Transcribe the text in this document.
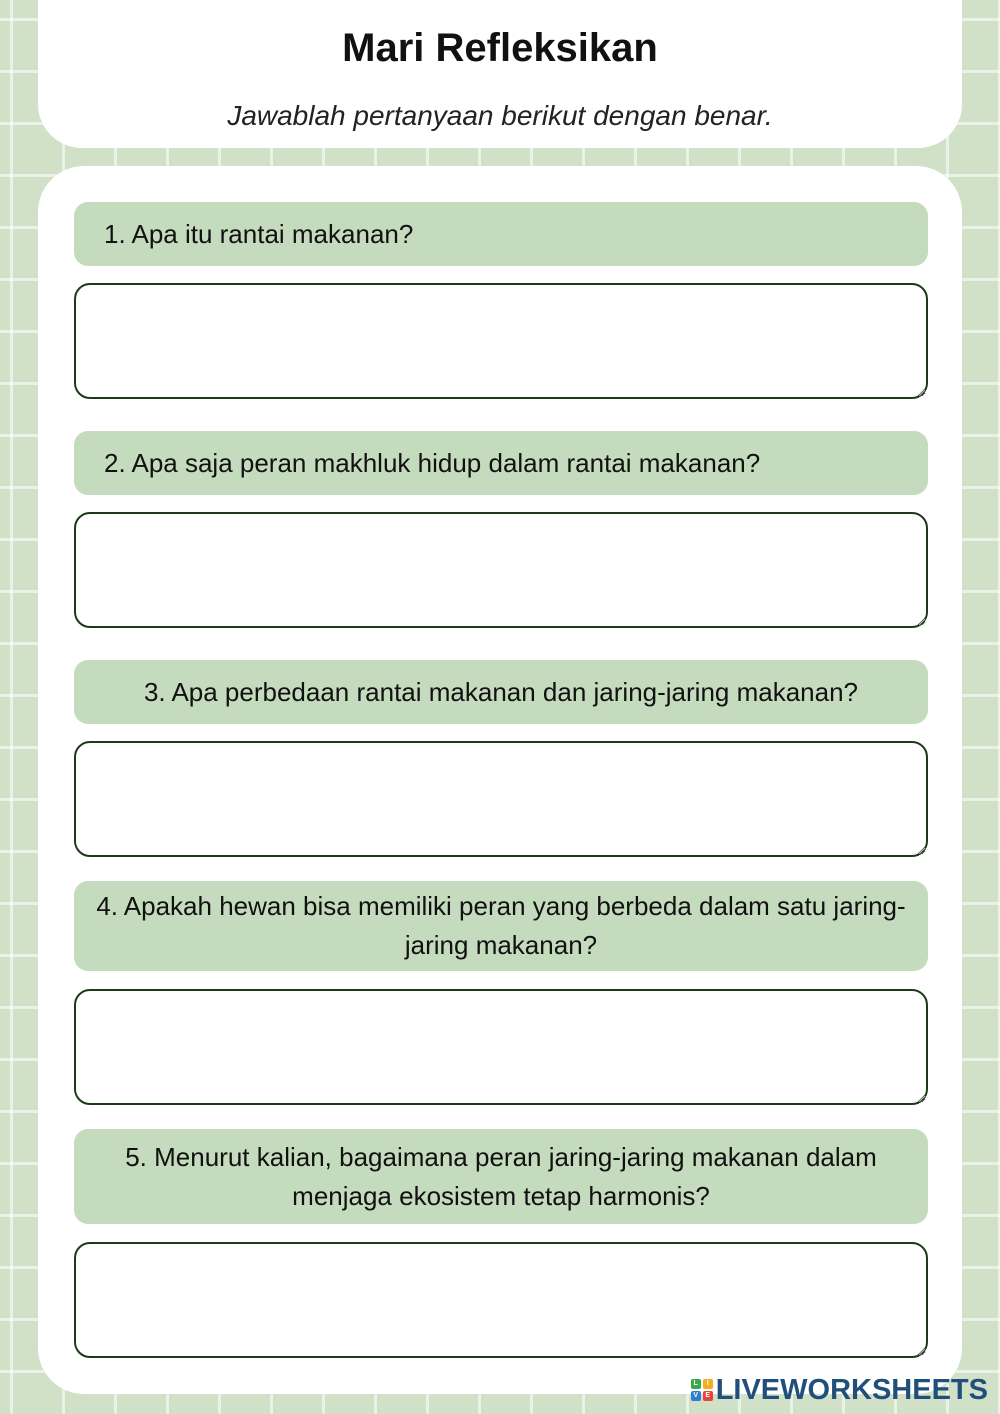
Mari Refleksikan

Jawablah pertanyaan berikut dengan benar.

1. Apa itu rantai makanan?
2. Apa saja peran makhluk hidup dalam rantai makanan?
3. Apa perbedaan rantai makanan dan jaring-jaring makanan?
4. Apakah hewan bisa memiliki peran yang berbeda dalam satu jaring-jaring makanan?
5. Menurut kalian, bagaimana peran jaring-jaring makanan dalam menjaga ekosistem tetap harmonis?
L	I
V	E LIVEWORKSHEETS
